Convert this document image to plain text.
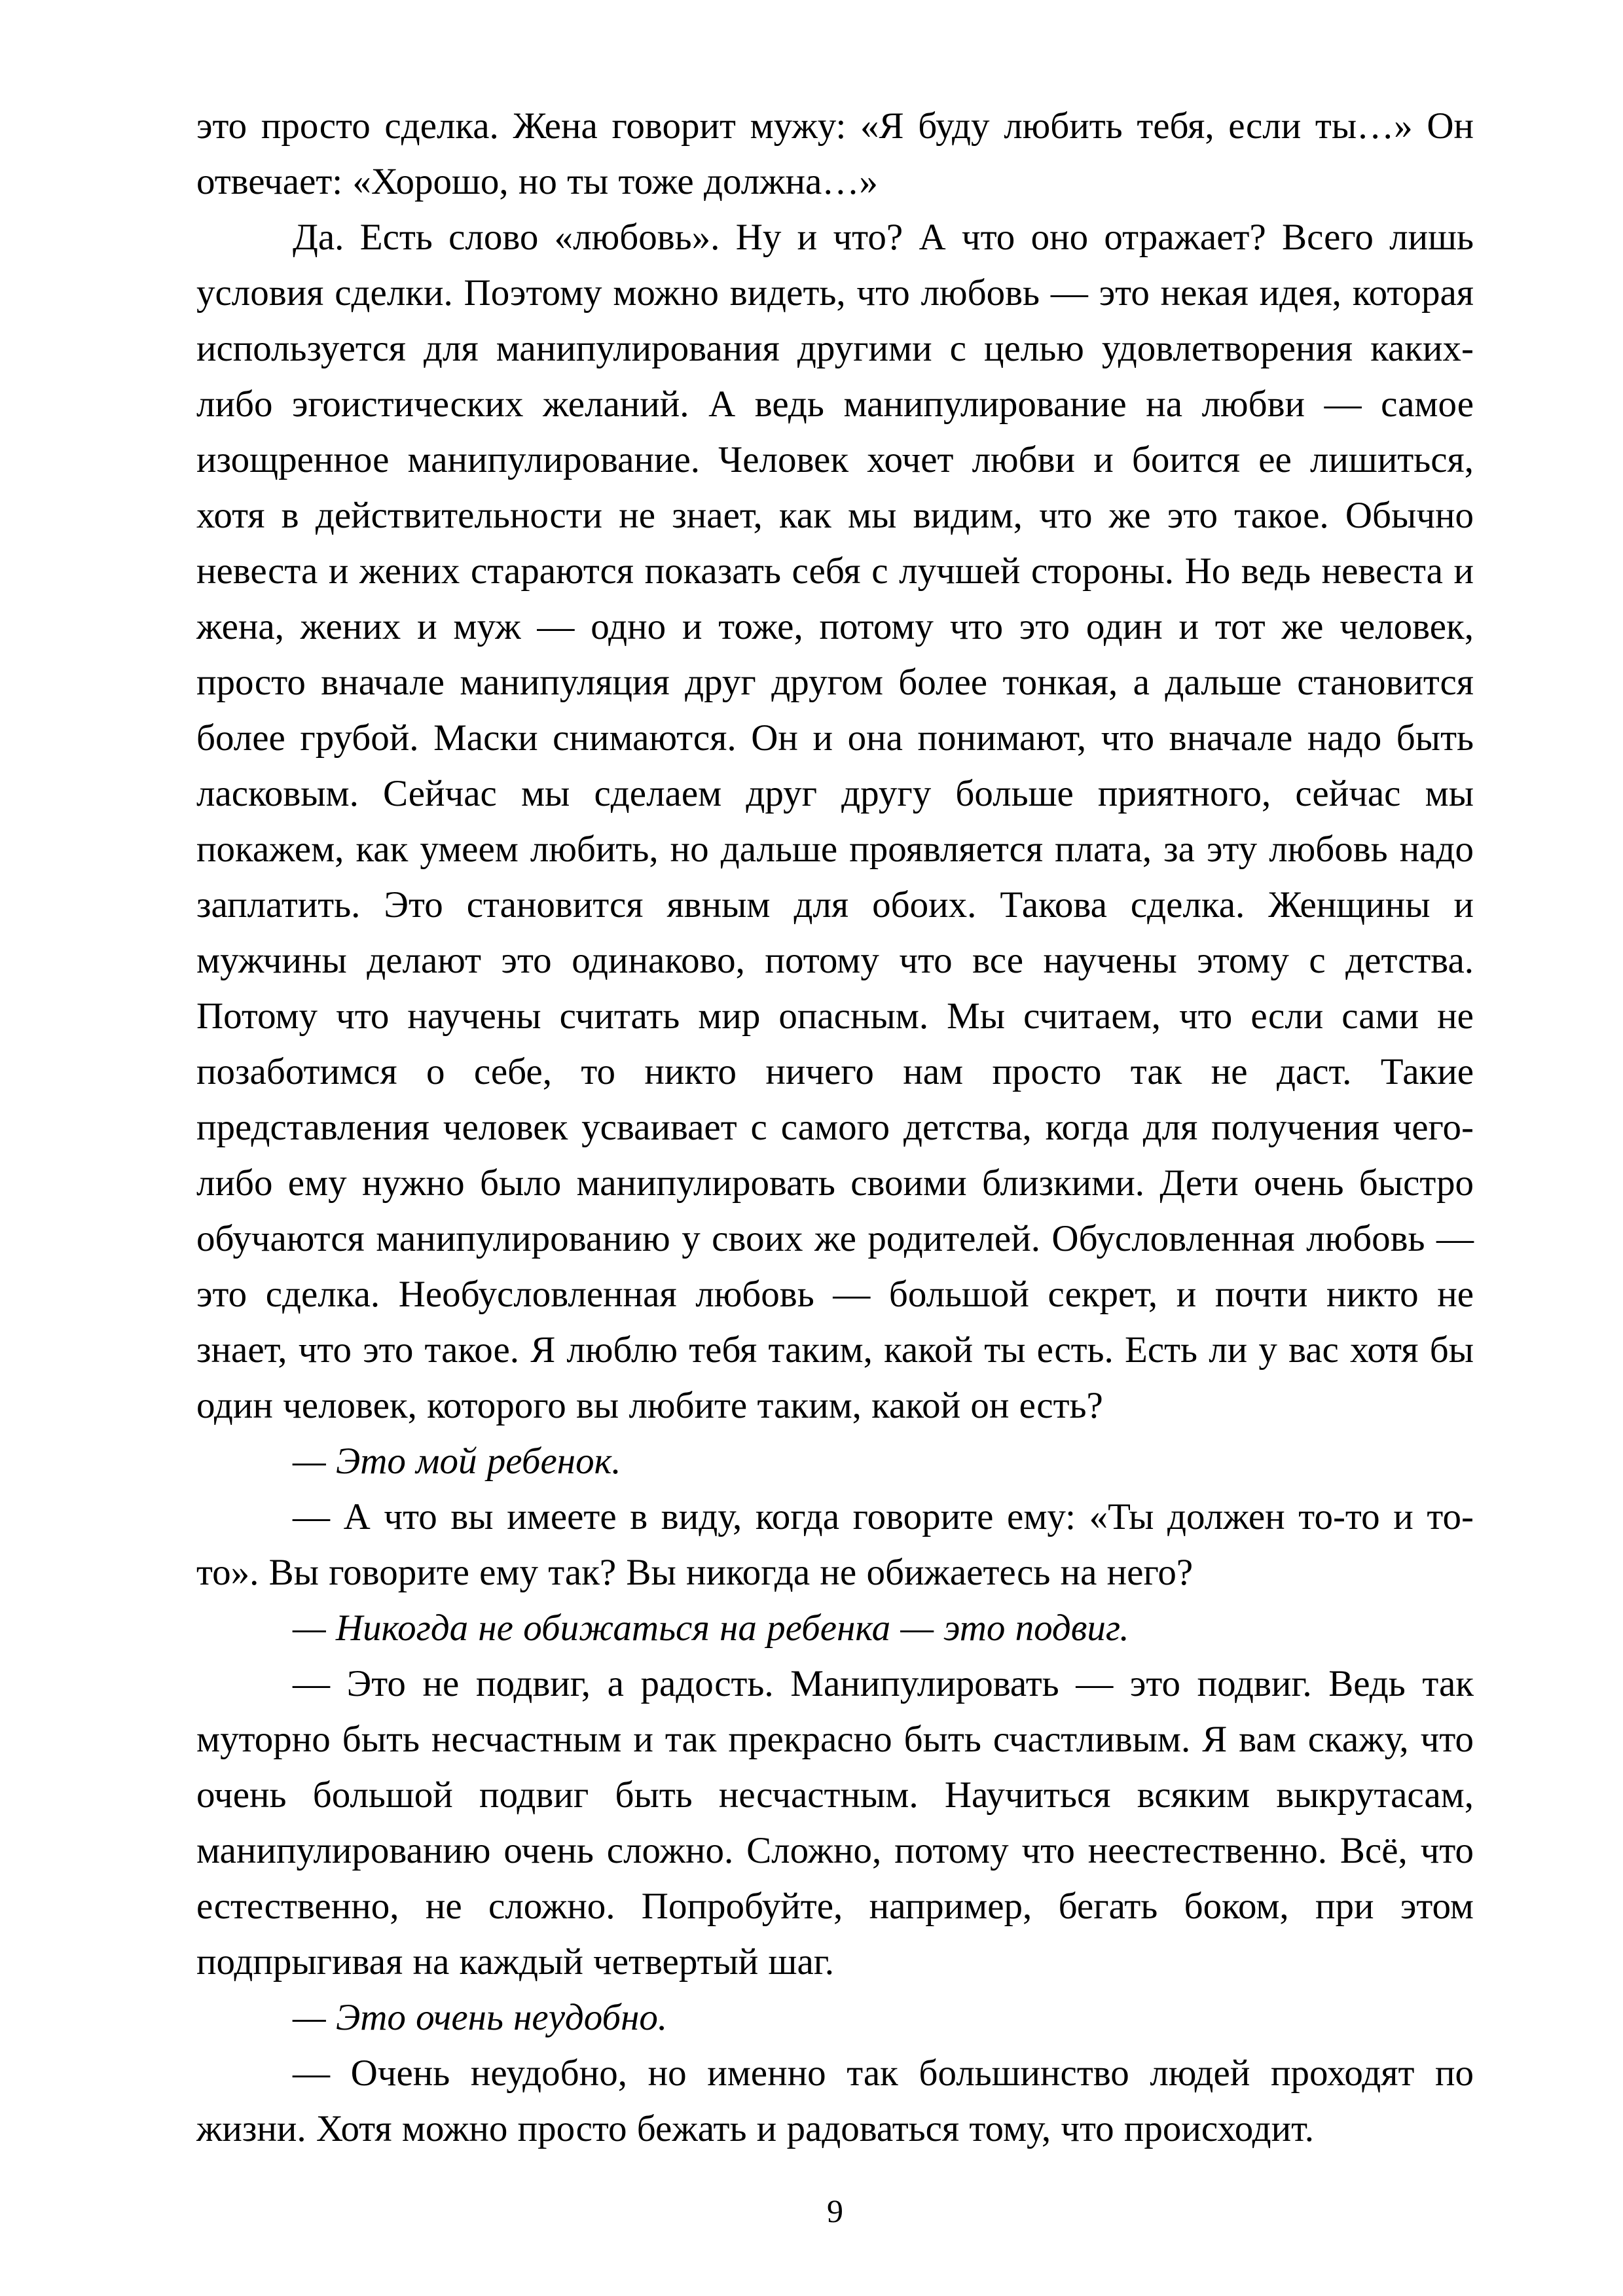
это просто сделка. Жена говорит мужу: «Я буду любить тебя, если ты…» Он отвечает: «Хорошо, но ты тоже должна…»

Да. Есть слово «любовь». Ну и что? А что оно отражает? Всего лишь условия сделки. Поэтому можно видеть, что любовь — это некая идея, которая используется для манипулирования другими с целью удовлетворения каких-либо эгоистических желаний. А ведь манипулирование на любви — самое изощренное манипулирование. Человек хочет любви и боится ее лишиться, хотя в действительности не знает, как мы видим, что же это такое. Обычно невеста и жених стараются показать себя с лучшей стороны. Но ведь невеста и жена, жених и муж — одно и тоже, потому что это один и тот же человек, просто вначале манипуляция друг другом более тонкая, а дальше становится более грубой. Маски снимаются. Он и она понимают, что вначале надо быть ласковым. Сейчас мы сделаем друг другу больше приятного, сейчас мы покажем, как умеем любить, но дальше проявляется плата, за эту любовь надо заплатить. Это становится явным для обоих. Такова сделка. Женщины и мужчины делают это одинаково, потому что все научены этому с детства. Потому что научены считать мир опасным. Мы считаем, что если сами не позаботимся о себе, то никто ничего нам просто так не даст. Такие представления человек усваивает с самого детства, когда для получения чего-либо ему нужно было манипулировать своими близкими. Дети очень быстро обучаются манипулированию у своих же родителей. Обусловленная любовь — это сделка. Необусловленная любовь — большой секрет, и почти никто не знает, что это такое. Я люблю тебя таким, какой ты есть. Есть ли у вас хотя бы один человек, которого вы любите таким, какой он есть?

— Это мой ребенок.

— А что вы имеете в виду, когда говорите ему: «Ты должен то-то и то-то». Вы говорите ему так? Вы никогда не обижаетесь на него?

— Никогда не обижаться на ребенка — это подвиг.

— Это не подвиг, а радость. Манипулировать — это подвиг. Ведь так муторно быть несчастным и так прекрасно быть счастливым. Я вам скажу, что очень большой подвиг быть несчастным. Научиться всяким выкрутасам, манипулированию очень сложно. Сложно, потому что неестественно. Всё, что естественно, не сложно. Попробуйте, например, бегать боком, при этом подпрыгивая на каждый четвертый шаг.

— Это очень неудобно.

— Очень неудобно, но именно так большинство людей проходят по жизни. Хотя можно просто бежать и радоваться тому, что происходит.

9
